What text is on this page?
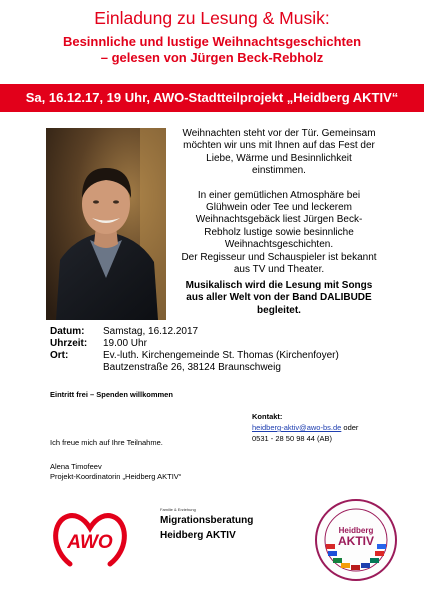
Einladung zu Lesung & Musik:
Besinnliche und lustige Weihnachtsgeschichten
– gelesen von Jürgen Beck-Rebholz
Sa, 16.12.17, 19 Uhr, AWO-Stadtteilprojekt „Heidberg AKTIV“

Weihnachten steht vor der Tür. Gemeinsam
möchten wir uns mit Ihnen auf das Fest der
Liebe, Wärme und Besinnlichkeit
einstimmen.

In einer gemütlichen Atmosphäre bei
Glühwein oder Tee und leckerem
Weihnachtsgebäck liest Jürgen Beck-
Rebholz lustige sowie besinnliche
Weihnachtsgeschichten.
Der Regisseur und Schauspieler ist bekannt
aus TV und Theater.

Musikalisch wird die Lesung mit Songs
aus aller Welt von der Band DALIBUDE
begleitet.
Datum: Samstag, 16.12.2017
Uhrzeit: 19.00 Uhr
Ort:	Ev.-luth. Kirchengemeinde St. Thomas (Kirchenfoyer)
Bautzenstraße 26, 38124 Braunschweig
Eintritt frei – Spenden willkommen
Kontakt:
heidberg-aktiv@awo-bs.de oder
0531 - 28 50 98 44 (AB)
Ich freue mich auf Ihre Teilnahme.
Alena Timofeev
Projekt-Koordinatorin „Heidberg AKTIV“
AWO
Familie & Erziehung
Migrationsberatung
Heidberg AKTIV	Heidberg
AKTIV
